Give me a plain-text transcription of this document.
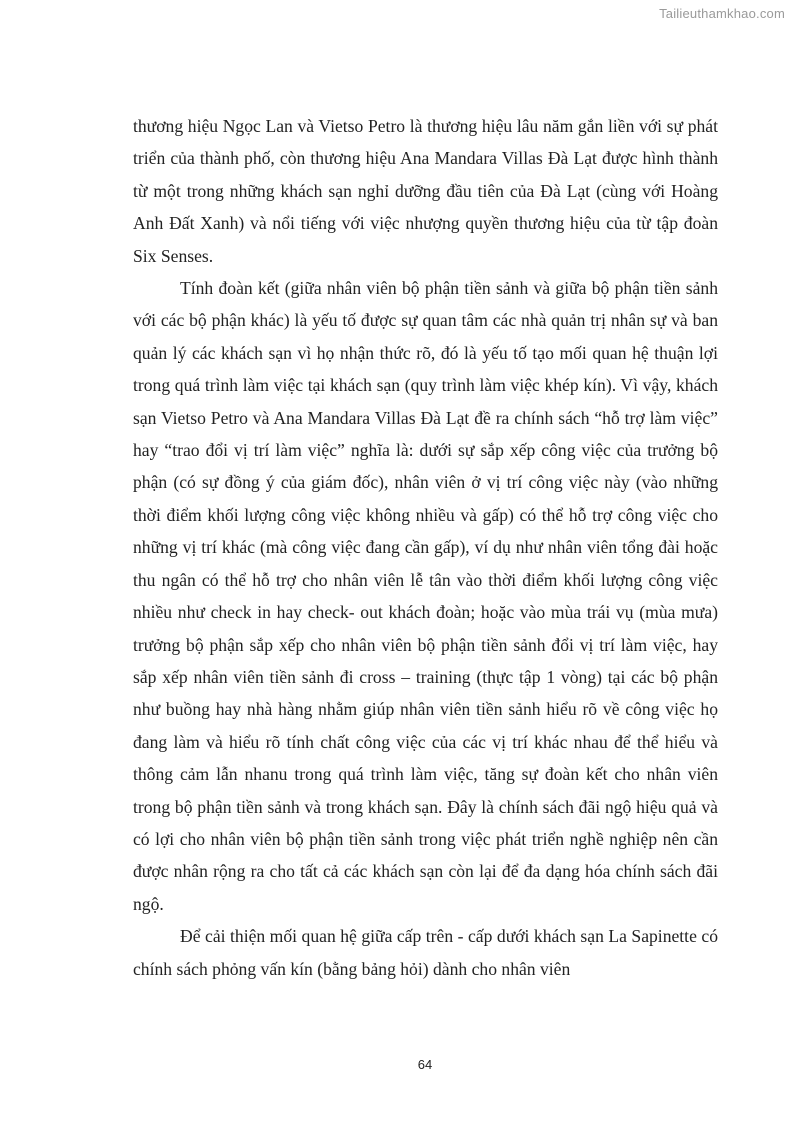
Tailieuthamkhao.com

thương hiệu Ngọc Lan và Vietso Petro là thương hiệu lâu năm gắn liền với sự phát triển của thành phố, còn thương hiệu Ana Mandara Villas Đà Lạt được hình thành từ một trong những khách sạn nghỉ dưỡng đầu tiên của Đà Lạt (cùng với Hoàng Anh Đất Xanh) và nổi tiếng với việc nhượng quyền thương hiệu của từ tập đoàn Six Senses.

Tính đoàn kết (giữa nhân viên bộ phận tiền sảnh và giữa bộ phận tiền sảnh với các bộ phận khác) là yếu tố được sự quan tâm các nhà quản trị nhân sự và ban quản lý các khách sạn vì họ nhận thức rõ, đó là yếu tố tạo mối quan hệ thuận lợi trong quá trình làm việc tại khách sạn (quy trình làm việc khép kín). Vì vậy, khách sạn Vietso Petro và Ana Mandara Villas Đà Lạt đề ra chính sách “hỗ trợ làm việc” hay “trao đổi vị trí làm việc” nghĩa là: dưới sự sắp xếp công việc của trưởng bộ phận (có sự đồng ý của giám đốc), nhân viên ở vị trí công việc này (vào những thời điểm khối lượng công việc không nhiều và gấp) có thể hỗ trợ công việc cho những vị trí khác (mà công việc đang cần gấp), ví dụ như nhân viên tổng đài hoặc thu ngân có thể hỗ trợ cho nhân viên lễ tân vào thời điểm khối lượng công việc nhiều như check in hay check- out khách đoàn; hoặc vào mùa trái vụ (mùa mưa) trưởng bộ phận sắp xếp cho nhân viên bộ phận tiền sảnh đổi vị trí làm việc, hay sắp xếp nhân viên tiền sảnh đi cross – training (thực tập 1 vòng) tại các bộ phận như buồng hay nhà hàng nhằm giúp nhân viên tiền sảnh hiểu rõ về công việc họ đang làm và hiểu rõ tính chất công việc của các vị trí khác nhau để thể hiểu và thông cảm lẫn nhanu trong quá trình làm việc, tăng sự đoàn kết cho nhân viên trong bộ phận tiền sảnh và trong khách sạn. Đây là chính sách đãi ngộ hiệu quả và có lợi cho nhân viên bộ phận tiền sảnh trong việc phát triển nghề nghiệp nên cần được nhân rộng ra cho tất cả các khách sạn còn lại để đa dạng hóa chính sách đãi ngộ.

Để cải thiện mối quan hệ giữa cấp trên - cấp dưới khách sạn La Sapinette có chính sách phỏng vấn kín (bằng bảng hỏi) dành cho nhân viên

64
